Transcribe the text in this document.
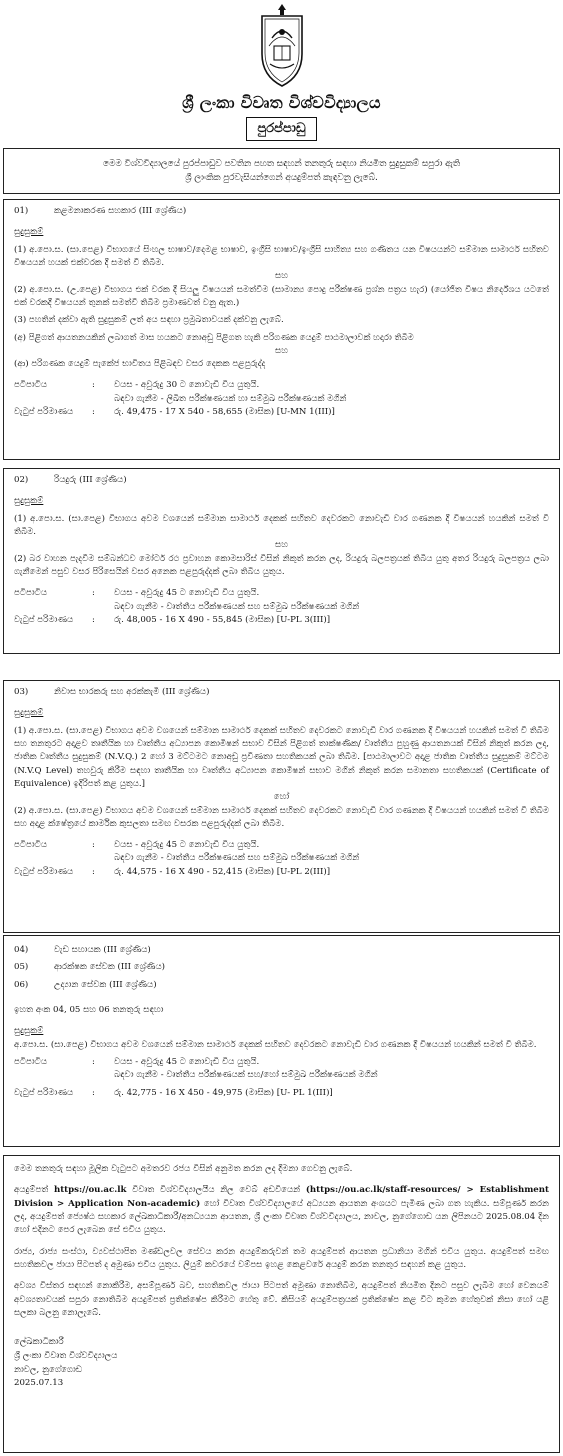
ශ්‍රී ලංකා විවෘත විශ්වවිද්‍යාලය
පුරප්පාඩු

මෙම විශ්වවිද්‍යාලයේ පුරප්පාඩුව පවතින පහත සඳහන් තනතුරු සඳහා නියමිත සුදුසුකම් සපුරා ඇති

ශ්‍රී ලාංකික පුරවැසියන්ගෙන් අයදුම්පත් කැඳවනු ලැබේ.

01)	කළමනාකරණ සහකාර (III ශ්‍රේණිය)

සුදුසුකම්

(1) අ.පො.ස. (සා.පෙළ) විභාගයේ සිංහල භාෂාව/දෙමළ භාෂාව, ඉංග්‍රීසි භාෂාව/ඉංග්‍රීසි සාහිත්‍ය සහ ගණිතය යන විෂයයන්ට සම්මාන සාමාර්ථ සහිතව විෂයයන් හයක් එක්වරක දී සමත් වී තිබීම.

සහ

(2) අ.පො.ස. (උ.පෙළ) විභාගය එක් වරක දී සියලු විෂයයන් සමත්වීම (සාමාන්‍ය පොදු පරීක්ෂණ ප්‍රශ්න පත්‍රය හැර) (යෝජිත විෂය නිර්දේශය යටතේ එක් වරකදී විෂයයන් තුනක් සමත්වී තිබීම ප්‍රමාණවත් වනු ඇත.)

(3) පහතින් දක්වා ඇති සුදුසුකම් ලත් අය සඳහා ප්‍රමුඛතාවයක් දක්වනු ලැබේ.

(අ) පිළිගත් ආයතනයකින් ලබාගත් මාස හයකට නොඅඩු පිළිගත හැකි පරිගණක යෙදුම් පාඨමාලාවක් හදාරා තිබීම

සහ

(ආ) පරිගණක යෙදුම් පැකේජ භාවිතය පිළිබඳව වසර දෙකක පළපුරුද්ද

පටිපාටිය	:	වයස - අවුරුදු 30 ට නොවැඩි විය යුතුයි.
බඳවා ගැනීම - ලිඛිත පරීක්ෂණයක් හා සම්මුඛ පරීක්ෂණයක් මගින්
වැටුප් පරිමාණය	:	රු. 49,475 - 17 X 540 - 58,655 (මාසික) [U-MN 1(III)]
02)	රියදුරු (III ශ්‍රේණිය)

සුදුසුකම්

(1) අ.පො.ස. (සා.පෙළ) විභාගය අවම වශයෙන් සම්මාන සාමාර්ථ දෙකක් සහිතව දෙවරකට නොවැඩි වාර ගණනක දී විෂයයන් හයකින් සමත් වී තිබීම.

සහ

(2) බර වාහන පැදවීම සම්බන්ධව මෝටර් රථ ප්‍රවාහන කොමසාරිස් විසින් නිකුත් කරන ලද, රියදුරු බලපත්‍රයක් තිබිය යුතු අතර රියදුරු බලපත්‍රය ලබා ගැනීමෙන් පසුව වසර පිරිසෙයින් වසර අනෙක පළපුරුද්දක් ලබා තිබිය යුතුය.

පටිපාටිය	:	වයස - අවුරුදු 45 ට නොවැඩි විය යුතුයි.
බඳවා ගැනීම - වෘත්තීය පරීක්ෂණයක් සහ සම්මුඛ පරීක්ෂණයක් මගින්
වැටුප් පරිමාණය	:	රු. 48,005 - 16 X 490 - 55,845 (මාසික) [U-PL 3(III)]
03)	නිවාස භාරකරු සහ අරක්කැමි (III ශ්‍රේණිය)

සුදුසුකම්

(1) අ.පො.ස. (සා.පෙළ) විභාගය අවම වශයෙන් සම්මාන සාමාර්ථ දෙකක් සහිතව දෙවරකට නොවැඩි වාර ගණනක දී විෂයයන් හයකින් සමත් වී තිබීම සහ තනතුරට අදාළව තෘතීයික හා වෘත්තීය අධ්‍යාපන කොමිෂන් සභාව විසින් පිළිගත් තාක්ෂණික/ වෘත්තීය පුහුණු ආයතනයක් විසින් නිකුත් කරන ලද, ජාතික වෘත්තීය සුදුසුකම් (N.V.Q.) 2 හෝ 3 මට්ටමට නොඅඩු ප්‍රවීණතා සහතිකයක් ලබා තිබීම. [පාඨමාලාවට අදාළ ජාතික වෘත්තීය සුදුසුකම් මට්ටම (N.V.Q Level) තහවුරු කිරීම සඳහා තෘතීයික හා වෘත්තීය අධ්‍යාපන කොමිෂන් සභාව මගින් නිකුත් කරන සමානතා සහතිකයක් (Certificate of Equivalence) ඉදිරිපත් කළ යුතුය.]

හෝ

(2) අ.පො.ස. (සා.පෙළ) විභාගය අවම වශයෙන් සම්මාන සාමාර්ථ දෙකක් සහිතව දෙවරකට නොවැඩි වාර ගණනක දී විෂයයන් හයකින් සමත් වී තිබීම සහ අදාළ ක්ෂේත්‍රයේ කාර්මික කුසලතා සමඟ වසරක පළපුරුද්දක් ලබා තිබීම.

පටිපාටිය	:	වයස - අවුරුදු 45 ට නොවැඩි විය යුතුයි.
බඳවා ගැනීම - වෘත්තීය පරීක්ෂණයක් සහ සම්මුඛ පරීක්ෂණයක් මගින්
වැටුප් පරිමාණය	:	රු. 44,575 - 16 X 490 - 52,415 (මාසික) [U-PL 2(III)]
04)	වැඩ සහායක (III ශ්‍රේණිය)
05)	ආරක්ෂක සේවක (III ශ්‍රේණිය)
06)	උද්‍යාන සේවක (III ශ්‍රේණිය)

ඉහත අංක 04, 05 සහ 06 තනතුරු සඳහා

සුදුසුකම්

අ.පො.ස. (සා.පෙළ) විභාගය අවම වශයෙන් සම්මාන සාමාර්ථ දෙකක් සහිතව දෙවරකට නොවැඩි වාර ගණනක දී විෂයයන් හයකින් සමත් වී තිබීම.

පටිපාටිය	:	වයස - අවුරුදු 45 ට නොවැඩි විය යුතුයි.
බඳවා ගැනීම - වෘත්තීය පරීක්ෂණයක් සහ/හෝ සම්මුඛ පරීක්ෂණයක් මගින්
වැටුප් පරිමාණය	:	රු. 42,775 - 16 X 450 - 49,975 (මාසික) [U- PL 1(III)]

මෙම තනතුරු සඳහා මූලික වැටුපට අමතරව රජය විසින් අනුමත කරන ලද දීමනා ගෙවනු ලැබේ.

අයදුම්පත් https://ou.ac.lk විවෘත විශ්වවිද්‍යාලයීය නිල වෙබ් අඩවියෙන් (https://ou.ac.lk/staff-resources/ > Establishment Division > Application Non-academic) හෝ විවෘත විශ්වවිද්‍යාලයේ අධ්‍යයන ආයතන අංශයට පැමිණ ලබා ගත හැකිය. සම්පූර්ණ කරන ලද, අයදුම්පත් ජ්‍යෙෂ්ඨ සහකාර ලේඛකාධිකාරී/අනධ්‍යයන ආයතන, ශ්‍රී ලංකා විවෘත විශ්වවිද්‍යාලය, නාවල, නුගේගොඩ යන ලිපිනයට 2025.08.04 දින හෝ එදිනට පෙර ලැබෙන සේ එවිය යුතුය.

රාජ්‍ය, රාජ්‍ය සංස්ථා, ව්‍යවස්ථාපිත මණ්ඩලවල සේවය කරන අයදුම්කරුවන් තම අයදුම්පත් ආයතන ප්‍රධානියා මගින් එවිය යුතුය. අයදුම්පත් සමඟ සහතිකවල ජායා පිටපත් ද අමුණා එවිය යුතුය. ලියුම් කවරයේ වම්පස ඉහළ කෙළවරේ අයදුම් කරන තනතුර සඳහන් කළ යුතුය.

අවශ්‍ය විස්තර සඳහන් නොකිරීම, අසම්පූර්ණ බව, සහතිකවල ජායා පිටපත් අමුණා නොතිබීම, අයදුම්පත් නියමිත දිනට පසුව ලැබීම හෝ වෙනයම් අවශ්‍යතාවයක් සපුරා නොතිබීම අයදුම්පත් ප්‍රතික්ෂේප කිරීමට හේතු වේ. කිසියම් අයදුම්පත්‍රයක් ප්‍රතික්ෂේප කළ විට කුමන හේතුවක් නිසා හෝ යළි සලකා බලනු නොලැබේ.

ලේඛකාධිකාරී

ශ්‍රී ලංකා විවෘත විශ්වවිද්‍යාලය

නාවල, නුගේගොඩ

2025.07.13
